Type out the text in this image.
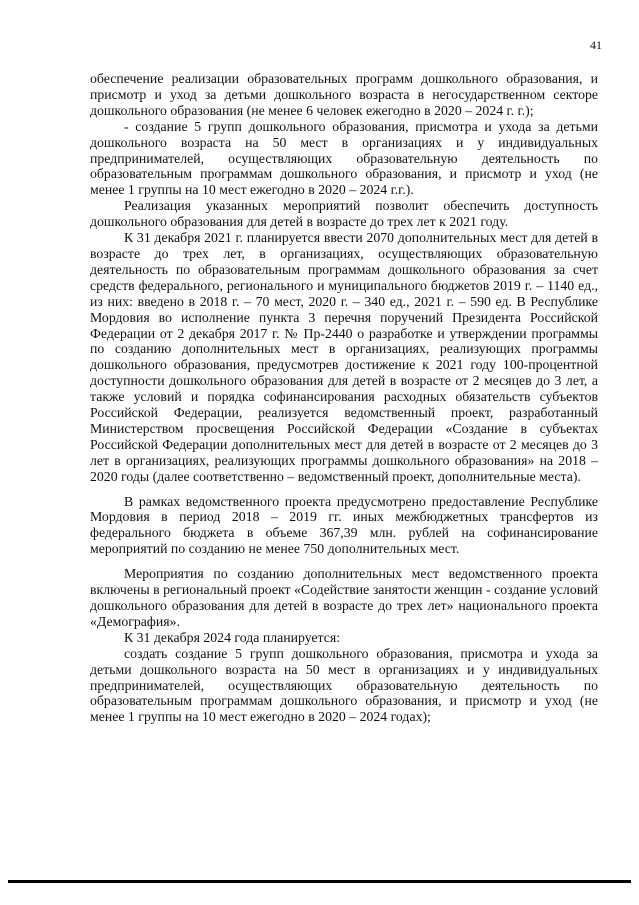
41

обеспечение реализации образовательных программ дошкольного образования, и присмотр и уход за детьми дошкольного возраста в негосударственном секторе дошкольного образования (не менее 6 человек ежегодно в 2020 – 2024 г. г.);

- создание 5 групп дошкольного образования, присмотра и ухода за детьми дошкольного возраста на 50 мест в организациях и у индивидуальных предпринимателей, осуществляющих образовательную деятельность по образовательным программам дошкольного образования, и присмотр и уход (не менее 1 группы на 10 мест ежегодно в 2020 – 2024 г.г.).

Реализация указанных мероприятий позволит обеспечить доступность дошкольного образования для детей в возрасте до трех лет к 2021 году.

К 31 декабря 2021 г. планируется ввести 2070 дополнительных мест для детей в возрасте до трех лет, в организациях, осуществляющих образовательную деятельность по образовательным программам дошкольного образования за счет средств федерального, регионального и муниципального бюджетов 2019 г. – 1140 ед., из них: введено в 2018 г. – 70 мест, 2020 г. – 340 ед., 2021 г. – 590 ед. В Республике Мордовия во исполнение пункта 3 перечня поручений Президента Российской Федерации от 2 декабря 2017 г. № Пр-2440 о разработке и утверждении программы по созданию дополнительных мест в организациях, реализующих программы дошкольного образования, предусмотрев достижение к 2021 году 100-процентной доступности дошкольного образования для детей в возрасте от 2 месяцев до 3 лет, а также условий и порядка софинансирования расходных обязательств субъектов Российской Федерации, реализуется ведомственный проект, разработанный Министерством просвещения Российской Федерации «Создание в субъектах Российской Федерации дополнительных мест для детей в возрасте от 2 месяцев до 3 лет в организациях, реализующих программы дошкольного образования» на 2018 – 2020 годы (далее соответственно – ведомственный проект, дополнительные места).

В рамках ведомственного проекта предусмотрено предоставление Республике Мордовия в период 2018 – 2019 гг. иных межбюджетных трансфертов из федерального бюджета в объеме 367,39 млн. рублей на софинансирование мероприятий по созданию не менее 750 дополнительных мест.

Мероприятия по созданию дополнительных мест ведомственного проекта включены в региональный проект «Содействие занятости женщин - создание условий дошкольного образования для детей в возрасте до трех лет» национального проекта «Демография».

К 31 декабря 2024 года планируется:

создать создание 5 групп дошкольного образования, присмотра и ухода за детьми дошкольного возраста на 50 мест в организациях и у индивидуальных предпринимателей, осуществляющих образовательную деятельность по образовательным программам дошкольного образования, и присмотр и уход (не менее 1 группы на 10 мест ежегодно в 2020 – 2024 годах);
